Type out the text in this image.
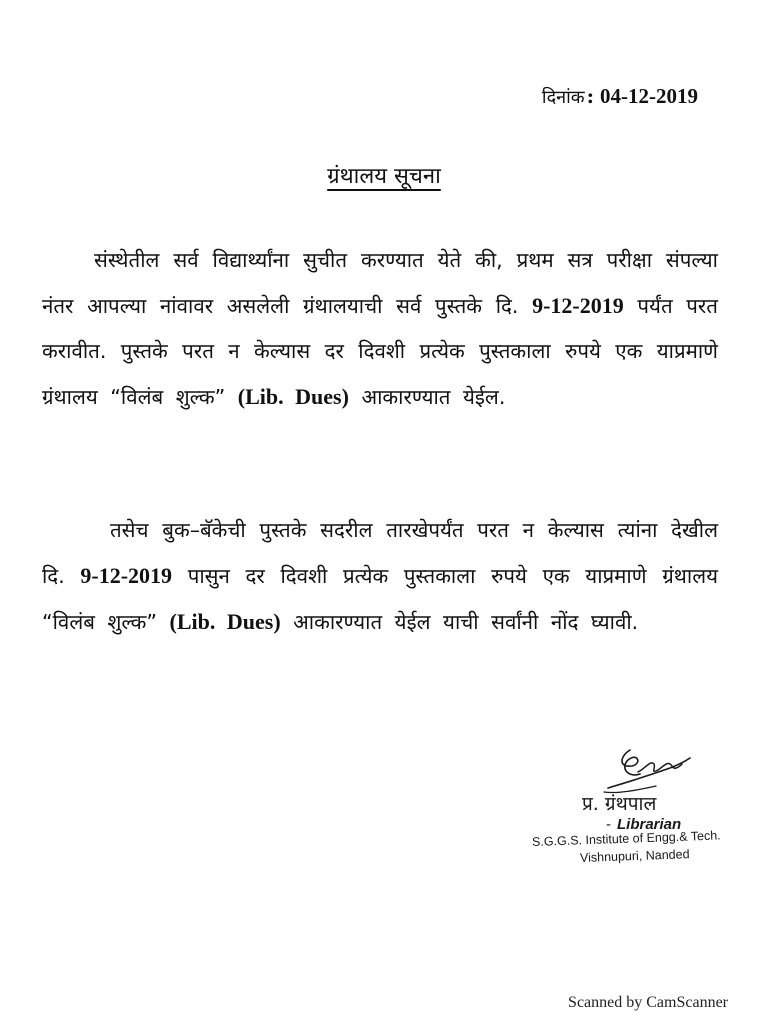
दिनांक : 04-12-2019
ग्रंथालय सूचना

संस्थेतील सर्व विद्यार्थ्यांना सुचीत करण्यात येते की, प्रथम सत्र परीक्षा संपल्या नंतर आपल्या नांवावर असलेली ग्रंथालयाची सर्व पुस्तके दि. 9-12-2019 पर्यंत परत करावीत. पुस्तके परत न केल्यास दर दिवशी प्रत्येक पुस्तकाला रुपये एक याप्रमाणे ग्रंथालय “विलंब शुल्क” (Lib. Dues) आकारण्यात येईल.

तसेच बुक–बॅकेची पुस्तके सदरील तारखेपर्यंत परत न केल्यास त्यांना देखील दि. 9-12-2019 पासुन दर दिवशी प्रत्येक पुस्तकाला रुपये एक याप्रमाणे ग्रंथालय “विलंब शुल्क” (Lib. Dues) आकारण्यात येईल याची सर्वांनी नोंद घ्यावी.

प्र. ग्रंथपाल
- Librarian
S.G.G.S. Institute of Engg.& Tech.
Vishnupuri, Nanded
Scanned by CamScanner
